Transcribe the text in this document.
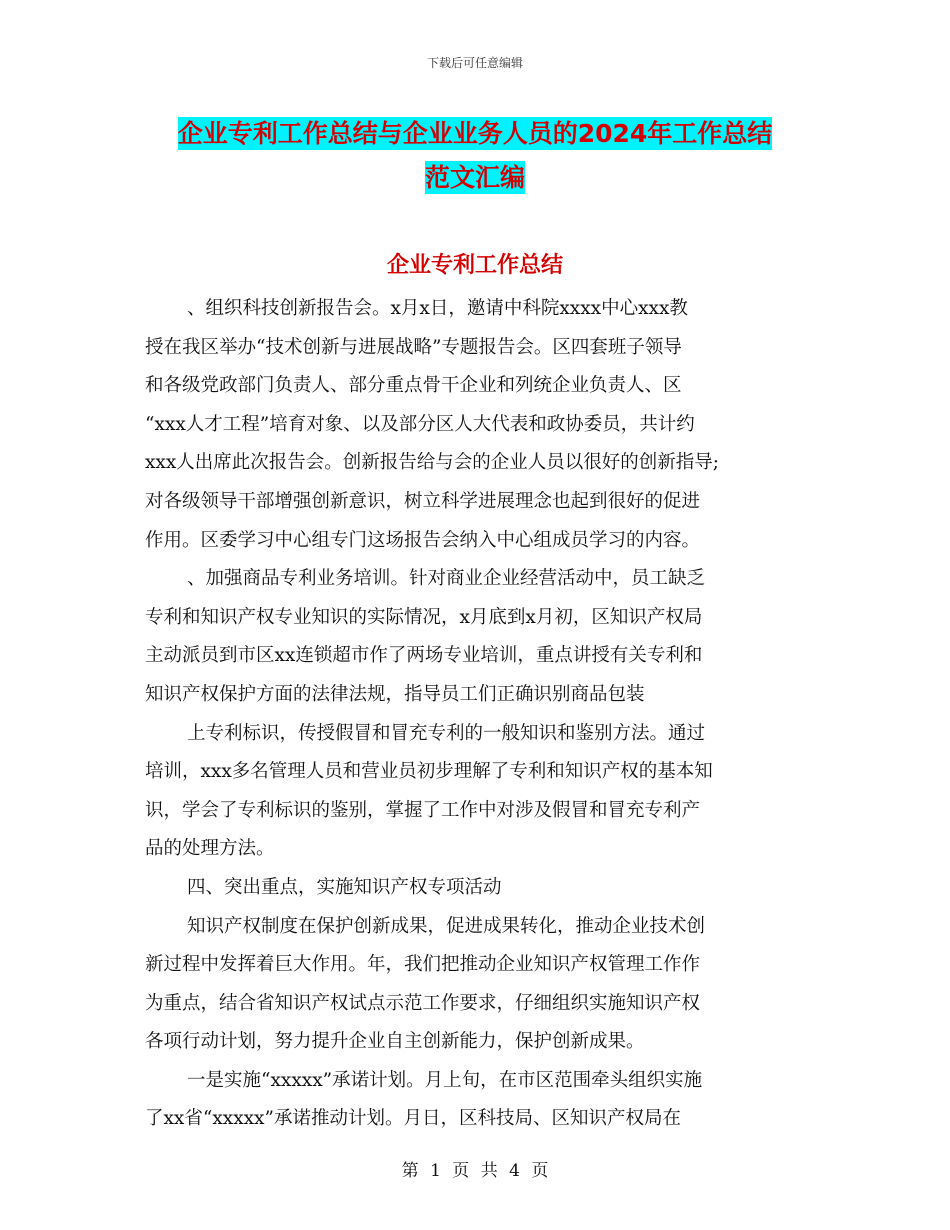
下载后可任意编辑
企业专利工作总结与企业业务人员的2024年工作总结
范文汇编
企业专利工作总结
、组织科技创新报告会。x月x日，邀请中科院xxxx中心xxx教
授在我区举办“技术创新与进展战略”专题报告会。区四套班子领导
和各级党政部门负责人、部分重点骨干企业和列统企业负责人、区
“xxx人才工程”培育对象、以及部分区人大代表和政协委员，共计约
xxx人出席此次报告会。创新报告给与会的企业人员以很好的创新指导;
对各级领导干部增强创新意识，树立科学进展理念也起到很好的促进
作用。区委学习中心组专门这场报告会纳入中心组成员学习的内容。
、加强商品专利业务培训。针对商业企业经营活动中，员工缺乏
专利和知识产权专业知识的实际情况，x月底到x月初，区知识产权局
主动派员到市区xx连锁超市作了两场专业培训，重点讲授有关专利和
知识产权保护方面的法律法规，指导员工们正确识别商品包装
上专利标识，传授假冒和冒充专利的一般知识和鉴别方法。通过
培训，xxx多名管理人员和营业员初步理解了专利和知识产权的基本知
识，学会了专利标识的鉴别，掌握了工作中对涉及假冒和冒充专利产
品的处理方法。
四、突出重点，实施知识产权专项活动
知识产权制度在保护创新成果，促进成果转化，推动企业技术创
新过程中发挥着巨大作用。年，我们把推动企业知识产权管理工作作
为重点，结合省知识产权试点示范工作要求，仔细组织实施知识产权
各项行动计划，努力提升企业自主创新能力，保护创新成果。
一是实施“xxxxx”承诺计划。月上旬，在市区范围牵头组织实施
了xx省“xxxxx”承诺推动计划。月日，区科技局、区知识产权局在
第 1 页 共 4 页
